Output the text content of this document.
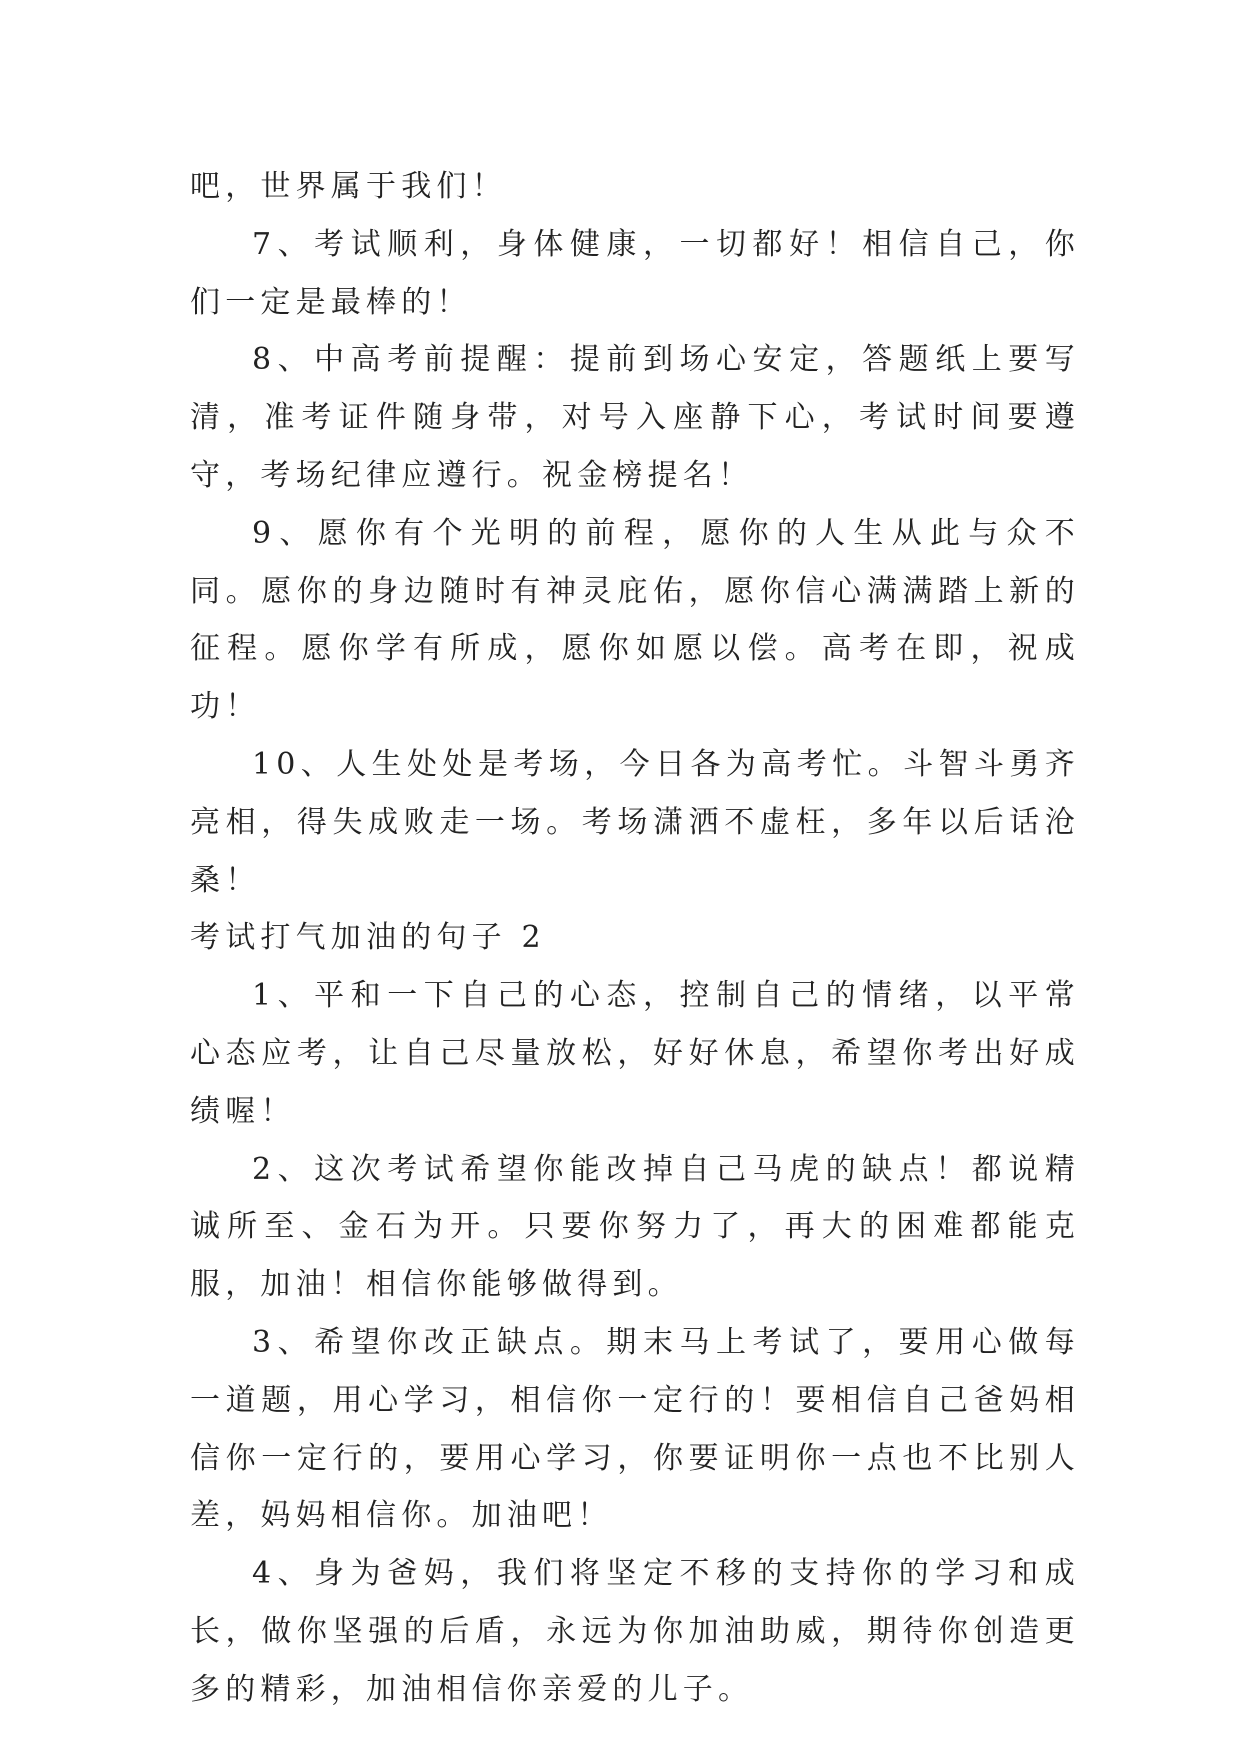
吧，世界属于我们！

7、考试顺利，身体健康，一切都好！相信自己，你们一定是最棒的！

8、中高考前提醒：提前到场心安定，答题纸上要写清，准考证件随身带，对号入座静下心，考试时间要遵守，考场纪律应遵行。祝金榜提名！

9、愿你有个光明的前程，愿你的人生从此与众不同。愿你的身边随时有神灵庇佑，愿你信心满满踏上新的征程。愿你学有所成，愿你如愿以偿。高考在即，祝成功！

10、人生处处是考场，今日各为高考忙。斗智斗勇齐亮相，得失成败走一场。考场潇洒不虚枉，多年以后话沧桑！

考试打气加油的句子 2

1、平和一下自己的心态，控制自己的情绪，以平常心态应考，让自己尽量放松，好好休息，希望你考出好成绩喔！

2、这次考试希望你能改掉自己马虎的缺点！都说精诚所至、金石为开。只要你努力了，再大的困难都能克服，加油！相信你能够做得到。

3、希望你改正缺点。期末马上考试了，要用心做每一道题，用心学习，相信你一定行的！要相信自己爸妈相信你一定行的，要用心学习，你要证明你一点也不比别人差，妈妈相信你。加油吧！

4、身为爸妈，我们将坚定不移的支持你的学习和成长，做你坚强的后盾，永远为你加油助威，期待你创造更多的精彩，加油相信你亲爱的儿子。
